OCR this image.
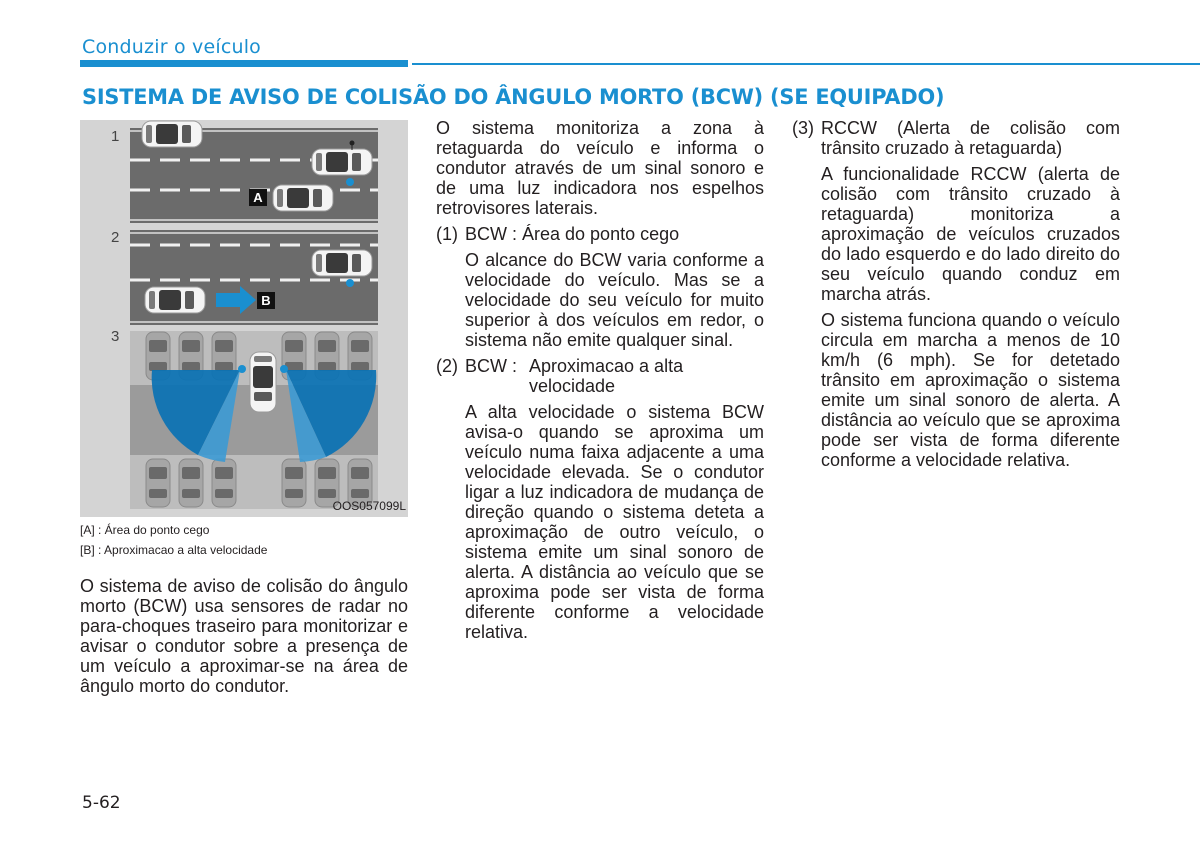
Conduzir o veículo
SISTEMA DE AVISO DE COLISÃO DO ÂNGULO MORTO (BCW) (SE EQUIPADO)
1
2
3
A
B
OOS057099L
[A] : Área do ponto cego
[B] : Aproximacao a alta velocidade

O sistema de aviso de colisão do ângulo morto (BCW) usa sensores de radar no para-choques traseiro para monitorizar e avisar o condutor sobre a presença de um veículo a aproximar-se na área de ângulo morto do condutor.

O sistema monitoriza a zona à retaguarda do veículo e informa o condutor através de um sinal sonoro e de uma luz indicadora nos espelhos retrovisores laterais.

(1) BCW : Área do ponto cego

O alcance do BCW varia conforme a velocidade do veículo. Mas se a velocidade do seu veículo for muito superior à dos veículos em redor, o sistema não emite qualquer sinal.

(2) BCW : Aproximacao a alta
velocidade

A alta velocidade o sistema BCW avisa-o quando se aproxima um veículo numa faixa adjacente a uma velocidade elevada. Se o condutor ligar a luz indicadora de mudança de direção quando o sistema deteta a aproximação de outro veículo, o sistema emite um sinal sonoro de alerta. A distância ao veículo que se aproxima pode ser vista de forma diferente conforme a velocidade relativa.

(3) RCCW (Alerta de colisão com trânsito cruzado à retaguarda)

A funcionalidade RCCW (alerta de colisão com trânsito cruzado à retaguarda) monitoriza a aproximação de veículos cruzados do lado esquerdo e do lado direito do seu veículo quando conduz em marcha atrás.

O sistema funciona quando o veículo circula em marcha a menos de 10 km/h (6 mph). Se for detetado trânsito em aproximação o sistema emite um sinal sonoro de alerta. A distância ao veículo que se aproxima pode ser vista de forma diferente conforme a velocidade relativa.

5-62
